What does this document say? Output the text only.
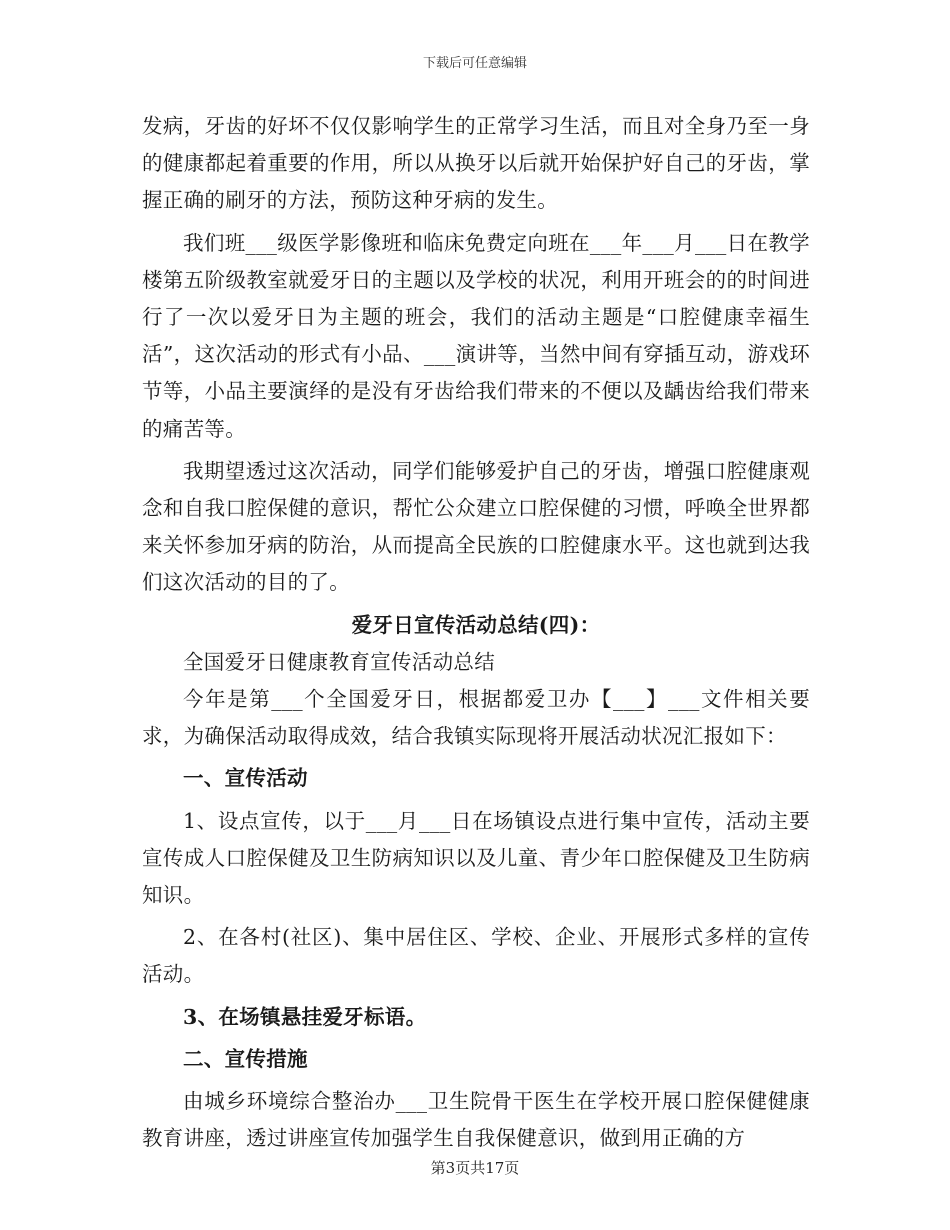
下载后可任意编辑

发病，牙齿的好坏不仅仅影响学生的正常学习生活，而且对全身乃至一身的健康都起着重要的作用，所以从换牙以后就开始保护好自己的牙齿，掌握正确的刷牙的方法，预防这种牙病的发生。

我们班___级医学影像班和临床免费定向班在___年___月___日在教学楼第五阶级教室就爱牙日的主题以及学校的状况，利用开班会的的时间进行了一次以爱牙日为主题的班会，我们的活动主题是“口腔健康幸福生活”，这次活动的形式有小品、___演讲等，当然中间有穿插互动，游戏环节等，小品主要演绎的是没有牙齿给我们带来的不便以及龋齿给我们带来的痛苦等。

我期望透过这次活动，同学们能够爱护自己的牙齿，增强口腔健康观念和自我口腔保健的意识，帮忙公众建立口腔保健的习惯，呼唤全世界都来关怀参加牙病的防治，从而提高全民族的口腔健康水平。这也就到达我们这次活动的目的了。

爱牙日宣传活动总结(四)：

全国爱牙日健康教育宣传活动总结

今年是第___个全国爱牙日，根据都爱卫办【___】___文件相关要求，为确保活动取得成效，结合我镇实际现将开展活动状况汇报如下：

一、宣传活动

1、设点宣传，以于___月___日在场镇设点进行集中宣传，活动主要宣传成人口腔保健及卫生防病知识以及儿童、青少年口腔保健及卫生防病知识。

2、在各村(社区)、集中居住区、学校、企业、开展形式多样的宣传活动。

3、在场镇悬挂爱牙标语。

二、宣传措施

由城乡环境综合整治办___卫生院骨干医生在学校开展口腔保健健康教育讲座，透过讲座宣传加强学生自我保健意识，做到用正确的方

第3页共17页
